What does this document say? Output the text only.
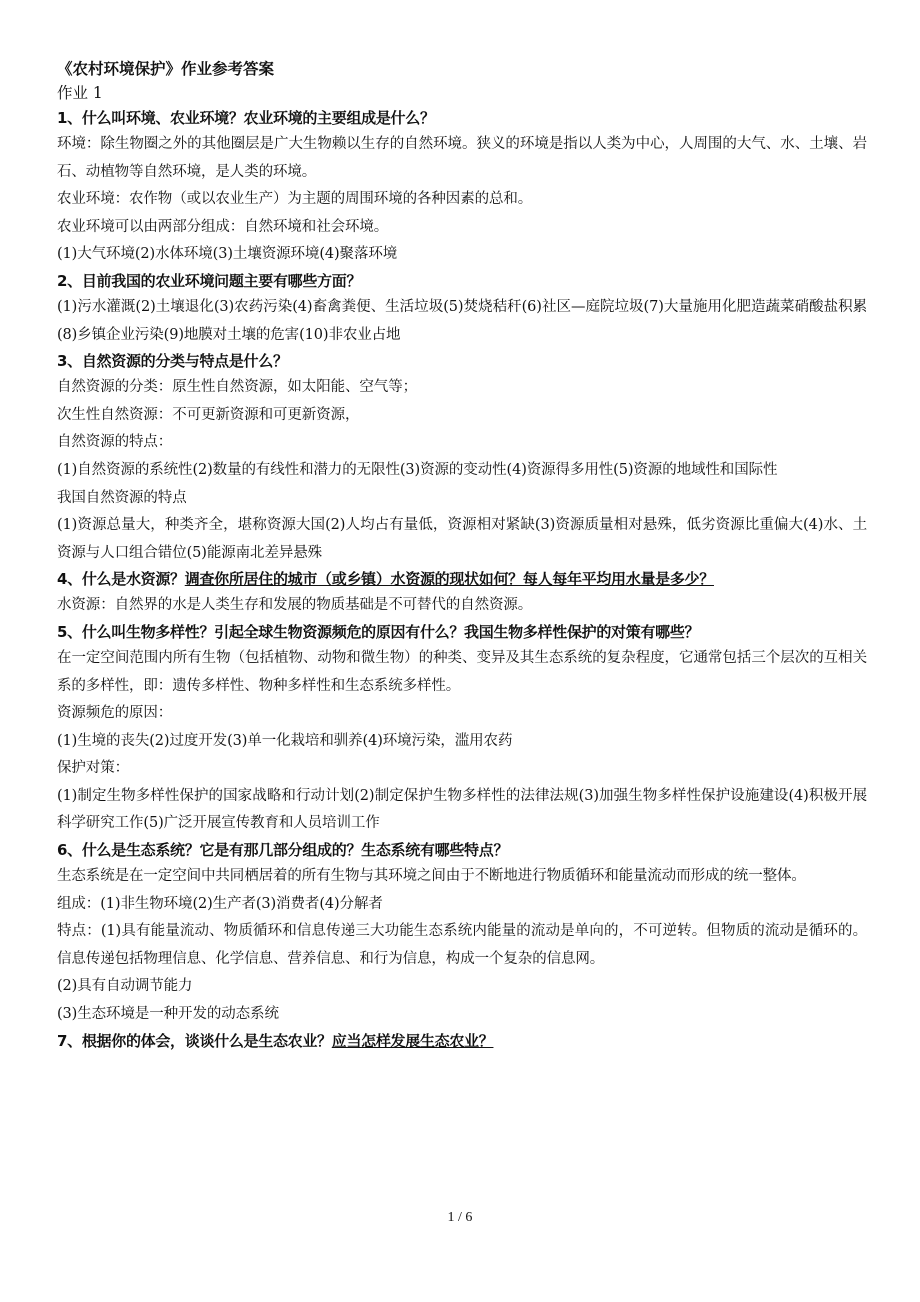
《农村环境保护》作业参考答案
作业 1
1、什么叫环境、农业环境？农业环境的主要组成是什么？
环境：除生物圈之外的其他圈层是广大生物赖以生存的自然环境。狭义的环境是指以人类为中心，人周围的大气、水、土壤、岩石、动植物等自然环境，是人类的环境。
农业环境：农作物（或以农业生产）为主题的周围环境的各种因素的总和。
农业环境可以由两部分组成：自然环境和社会环境。
(1)大气环境(2)水体环境(3)土壤资源环境(4)聚落环境
2、目前我国的农业环境问题主要有哪些方面？
(1)污水灌溉(2)土壤退化(3)农药污染(4)畜禽粪便、生活垃圾(5)焚烧秸秆(6)社区—庭院垃圾(7)大量施用化肥造蔬菜硝酸盐积累(8)乡镇企业污染(9)地膜对土壤的危害(10)非农业占地
3、自然资源的分类与特点是什么？
自然资源的分类：原生性自然资源，如太阳能、空气等；
次生性自然资源：不可更新资源和可更新资源，
自然资源的特点：
(1)自然资源的系统性(2)数量的有线性和潜力的无限性(3)资源的变动性(4)资源得多用性(5)资源的地域性和国际性
我国自然资源的特点
(1)资源总量大，种类齐全，堪称资源大国(2)人均占有量低，资源相对紧缺(3)资源质量相对悬殊，低劣资源比重偏大(4)水、土资源与人口组合错位(5)能源南北差异悬殊
4、什么是水资源？调查你所居住的城市（或乡镇）水资源的现状如何？每人每年平均用水量是多少？
水资源：自然界的水是人类生存和发展的物质基础是不可替代的自然资源。
5、什么叫生物多样性？引起全球生物资源频危的原因有什么？我国生物多样性保护的对策有哪些？
在一定空间范围内所有生物（包括植物、动物和微生物）的种类、变异及其生态系统的复杂程度，它通常包括三个层次的互相关系的多样性，即：遗传多样性、物种多样性和生态系统多样性。
资源频危的原因：
(1)生境的丧失(2)过度开发(3)单一化栽培和驯养(4)环境污染，滥用农药
保护对策：
(1)制定生物多样性保护的国家战略和行动计划(2)制定保护生物多样性的法律法规(3)加强生物多样性保护设施建设(4)积极开展科学研究工作(5)广泛开展宣传教育和人员培训工作
6、什么是生态系统？它是有那几部分组成的？生态系统有哪些特点？
生态系统是在一定空间中共同栖居着的所有生物与其环境之间由于不断地进行物质循环和能量流动而形成的统一整体。
组成：(1)非生物环境(2)生产者(3)消费者(4)分解者
特点：(1)具有能量流动、物质循环和信息传递三大功能生态系统内能量的流动是单向的，不可逆转。但物质的流动是循环的。信息传递包括物理信息、化学信息、营养信息、和行为信息，构成一个复杂的信息网。
(2)具有自动调节能力
(3)生态环境是一种开发的动态系统
7、根据你的体会，谈谈什么是生态农业？应当怎样发展生态农业？
1 / 6
